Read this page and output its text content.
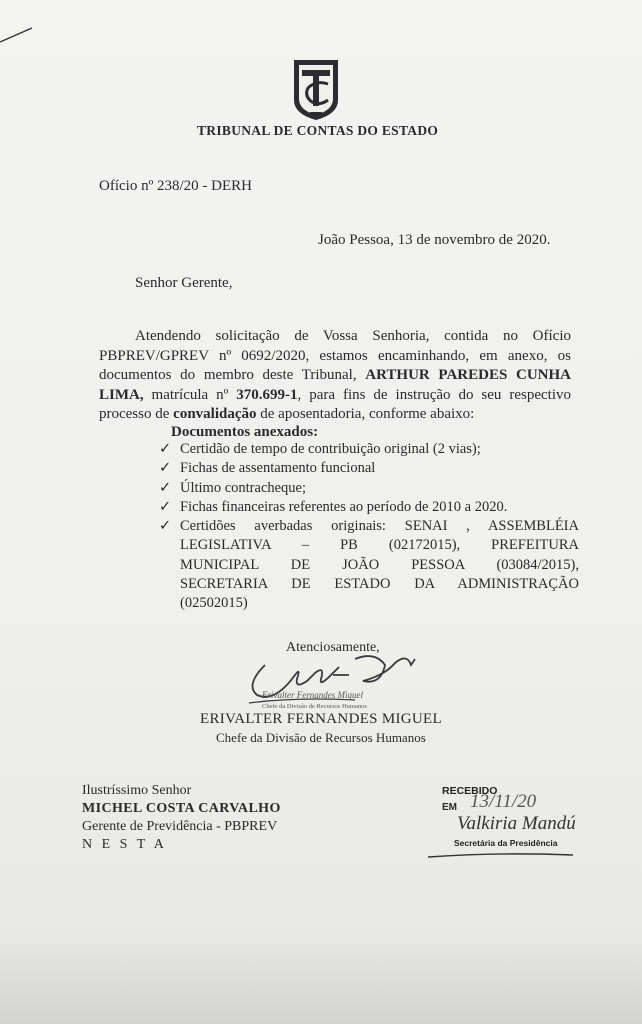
TRIBUNAL DE CONTAS DO ESTADO
Ofício nº 238/20 - DERH
João Pessoa, 13 de novembro de 2020.
Senhor Gerente,

Atendendo solicitação de Vossa Senhoria, contida no Ofício

PBPREV/GPREV nº 0692/2020, estamos encaminhando, em anexo, os

documentos do membro deste Tribunal, ARTHUR PAREDES CUNHA

LIMA, matrícula nº 370.699-1, para fins de instrução do seu respectivo

processo de convalidação de aposentadoria, conforme abaixo:

Documentos anexados:
✓ Certidão de tempo de contribuição original (2 vias);
✓ Fichas de assentamento funcional
✓ Último contracheque;
✓ Fichas financeiras referentes ao período de 2010 a 2020.
✓ Certidões averbadas originais: SENAI , ASSEMBLÉIA
LEGISLATIVA – PB (02172015), PREFEITURA
MUNICIPAL DE JOÃO PESSOA (03084/2015),
SECRETARIA DE ESTADO DA ADMINISTRAÇÃO
(02502015)
Atenciosamente,
Erivalter Fernandes Miguel
Chefe da Divisão de Recursos Humanos
ERIVALTER FERNANDES MIGUEL
Chefe da Divisão de Recursos Humanos
Ilustríssimo Senhor
MICHEL COSTA CARVALHO
Gerente de Previdência - PBPREV
N E S T A
RECEBIDO
EM 13/11/20
Valkiria Mandú
Secretária da Presidência
